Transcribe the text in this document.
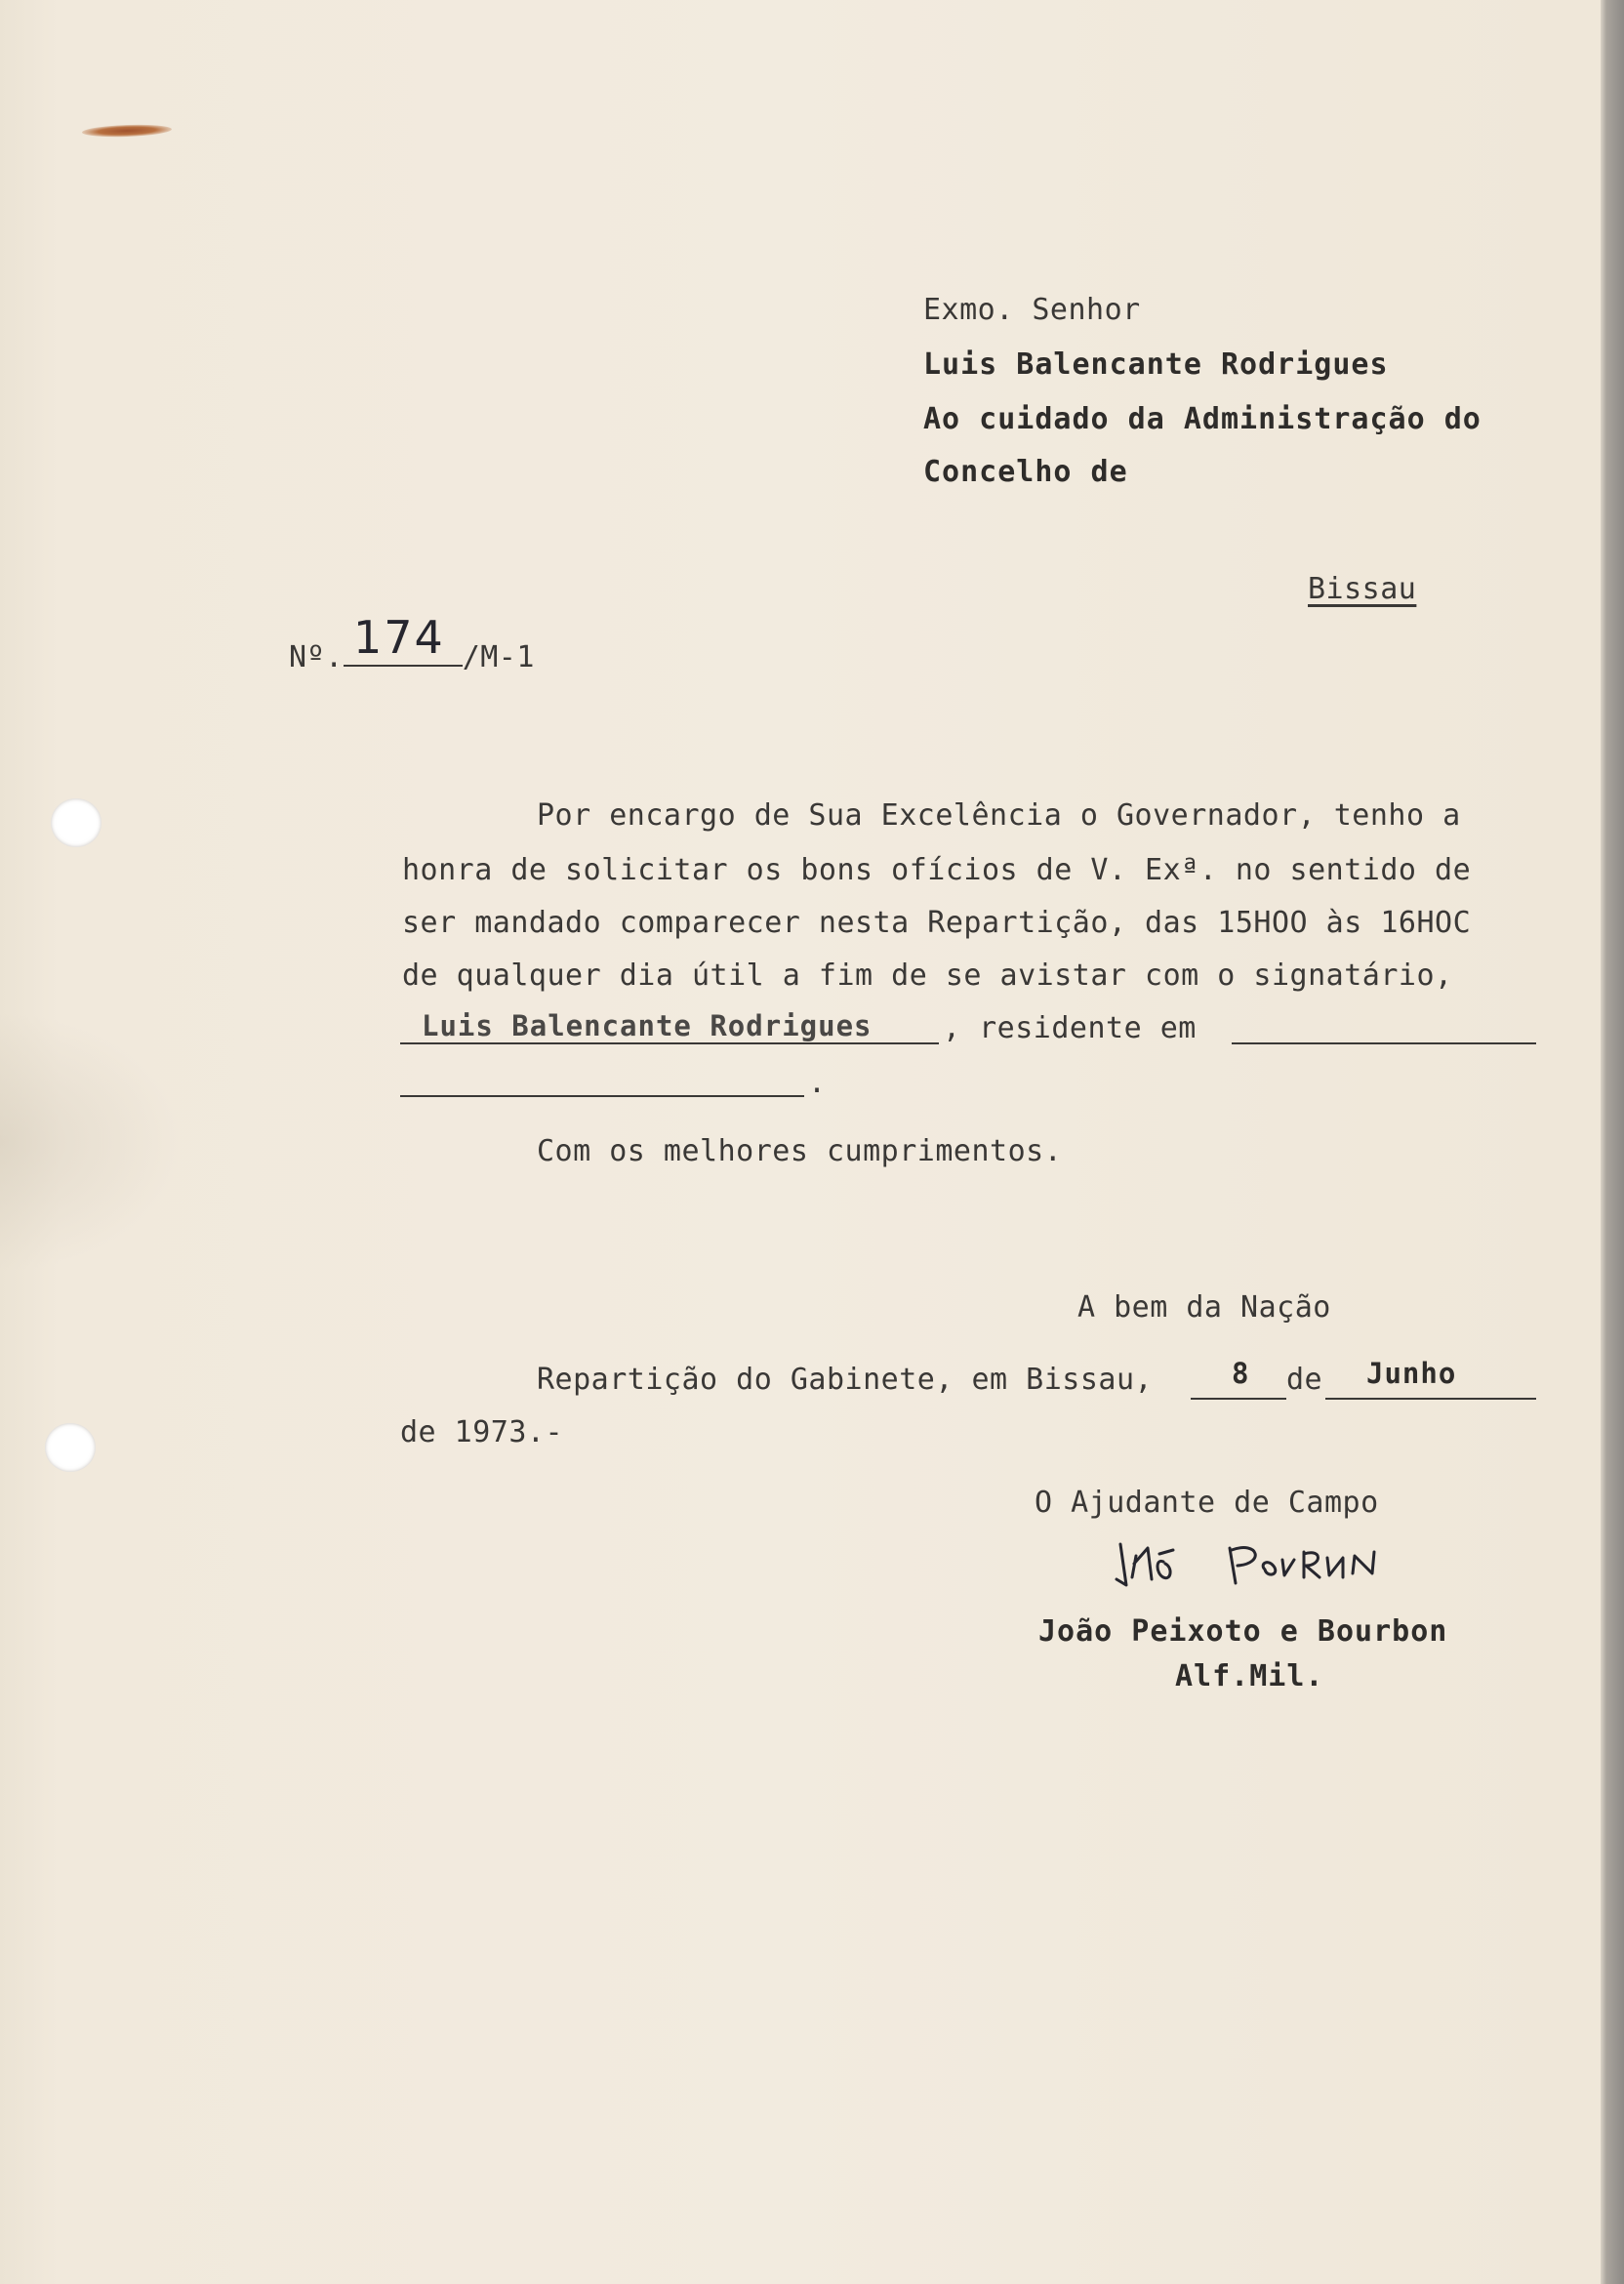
Exmo. Senhor
Luis Balencante Rodrigues
Ao cuidado da Administração do
Concelho de
Bissau
Nº.	/M-1
174
Por encargo de Sua Excelência o Governador, tenho a
honra de solicitar os bons ofícios de V. Exª. no sentido de
ser mandado comparecer nesta Repartição, das 15HOO às 16HOC
de qualquer dia útil a fim de se avistar com o signatário,
Luis Balencante Rodrigues , residente em
.
Com os melhores cumprimentos.
A bem da Nação
Repartição do Gabinete, em Bissau,	8 de Junho
de 1973.-
O Ajudante de Campo
João Peixoto e Bourbon
Alf.Mil.
